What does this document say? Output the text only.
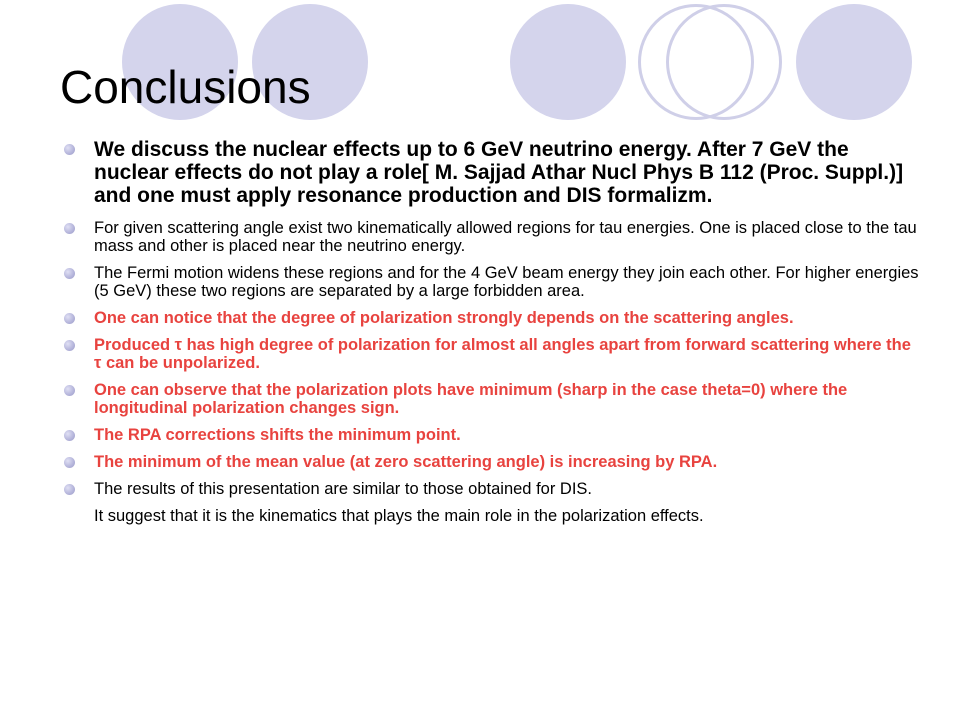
Conclusions
We discuss the nuclear effects up to 6 GeV neutrino energy. After 7 GeV the nuclear effects do not play a role[ M. Sajjad Athar Nucl Phys B 112 (Proc. Suppl.)] and one must apply resonance production and DIS formalizm.
For given scattering angle exist two kinematically allowed regions for tau energies. One is placed close to the tau mass and other is placed near the neutrino energy.
The Fermi motion widens these regions and for the 4 GeV beam energy they join each other. For higher energies (5 GeV) these two regions are separated by a large forbidden area.
One can notice that the degree of polarization strongly depends on the scattering angles.
Produced τ has high degree of polarization for almost all angles apart from forward scattering where the τ can be unpolarized.
One can observe that the polarization plots have minimum (sharp in the case theta=0) where the longitudinal polarization changes sign.
The RPA corrections shifts the minimum point.
The minimum of the mean value (at zero scattering angle) is increasing by RPA.
The results of this presentation are similar to those obtained for DIS.
It suggest that it is the kinematics that plays the main role in the polarization effects.
